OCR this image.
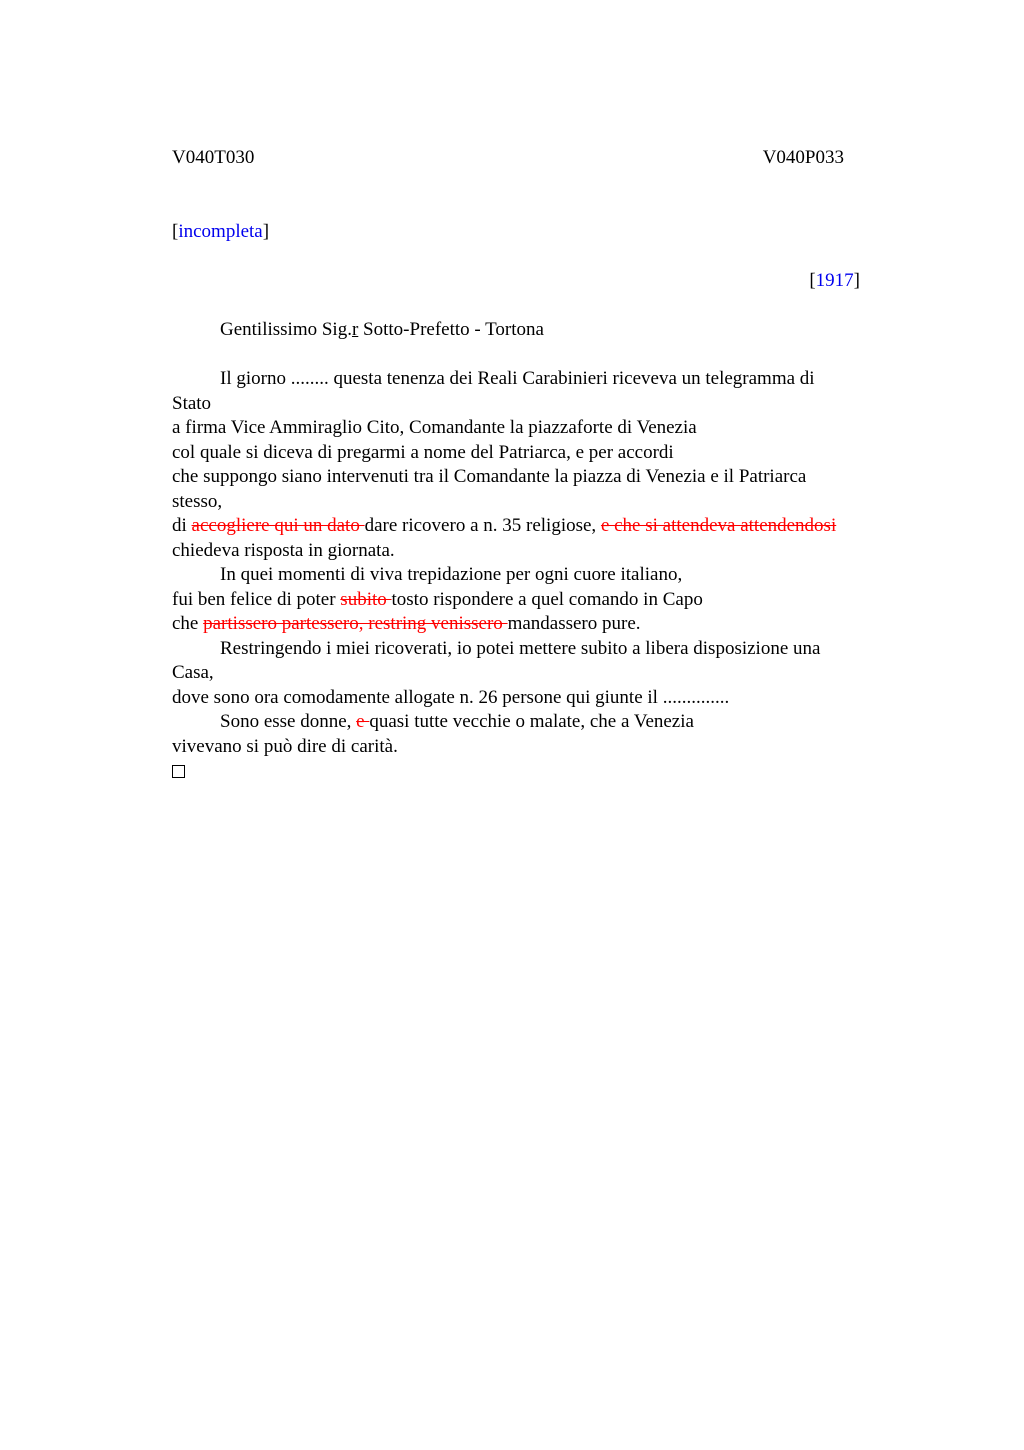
V040T030	V040P033
[incompleta]
[1917]
Gentilissimo Sig.r Sotto-Prefetto - Tortona
Il giorno ........ questa tenenza dei Reali Carabinieri riceveva un telegramma di
Stato
a firma Vice Ammiraglio Cito, Comandante la piazzaforte di Venezia
col quale si diceva di pregarmi a nome del Patriarca, e per accordi
che suppongo siano intervenuti tra il Comandante la piazza di Venezia e il Patriarca
stesso,
di accogliere qui un dato dare ricovero a n. 35 religiose, e che si attendeva attendendosi
chiedeva risposta in giornata.
In quei momenti di viva trepidazione per ogni cuore italiano,
fui ben felice di poter subito tosto rispondere a quel comando in Capo
che partissero partessero, restring venissero mandassero pure.
Restringendo i miei ricoverati, io potei mettere subito a libera disposizione una
Casa,
dove sono ora comodamente allogate n. 26 persone qui giunte il ..............
Sono esse donne, e quasi tutte vecchie o malate, che a Venezia
vivevano si può dire di carità.
